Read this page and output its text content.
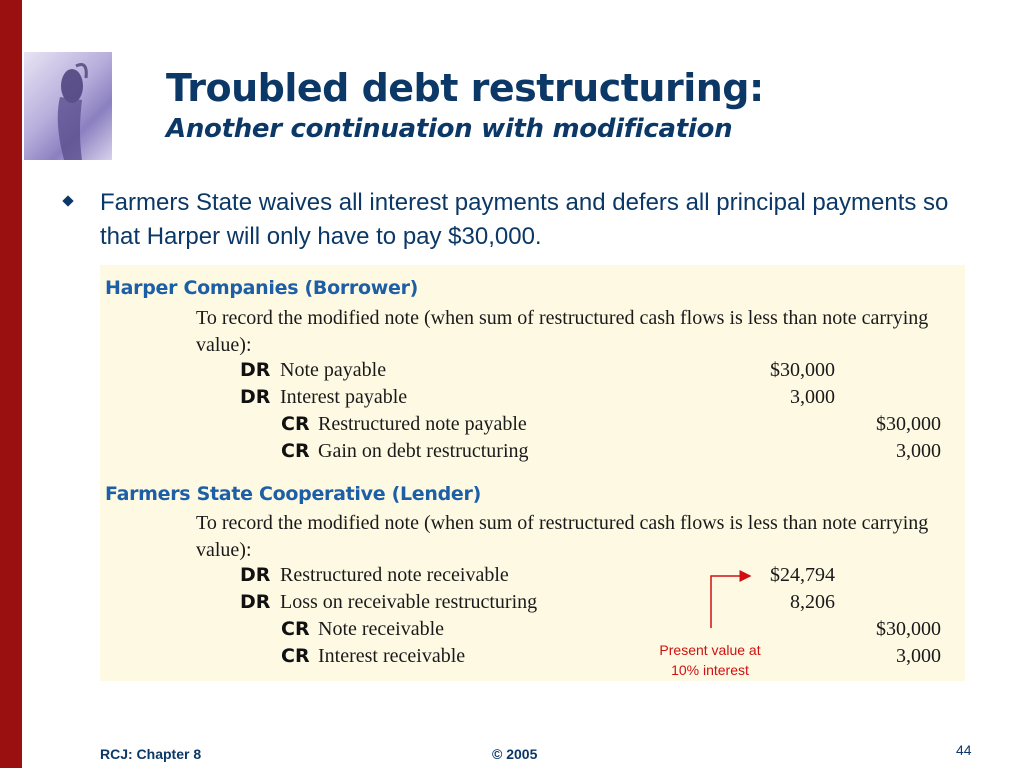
Troubled debt restructuring:
Another continuation with modification
Farmers State waives all interest payments and defers all principal payments so that Harper will only have to pay $30,000.
Harper Companies (Borrower)
To record the modified note (when sum of restructured cash flows is less than note carrying value):
DR Note payable	$30,000
DR Interest payable	3,000
CR Restructured note payable	$30,000
CR Gain on debt restructuring	3,000
Farmers State Cooperative (Lender)
To record the modified note (when sum of restructured cash flows is less than note carrying value):
DR Restructured note receivable	$24,794
DR Loss on receivable restructuring	8,206
CR Note receivable	$30,000
CR Interest receivable	3,000
Present value at
10% interest
RCJ: Chapter 8	© 2005	44
